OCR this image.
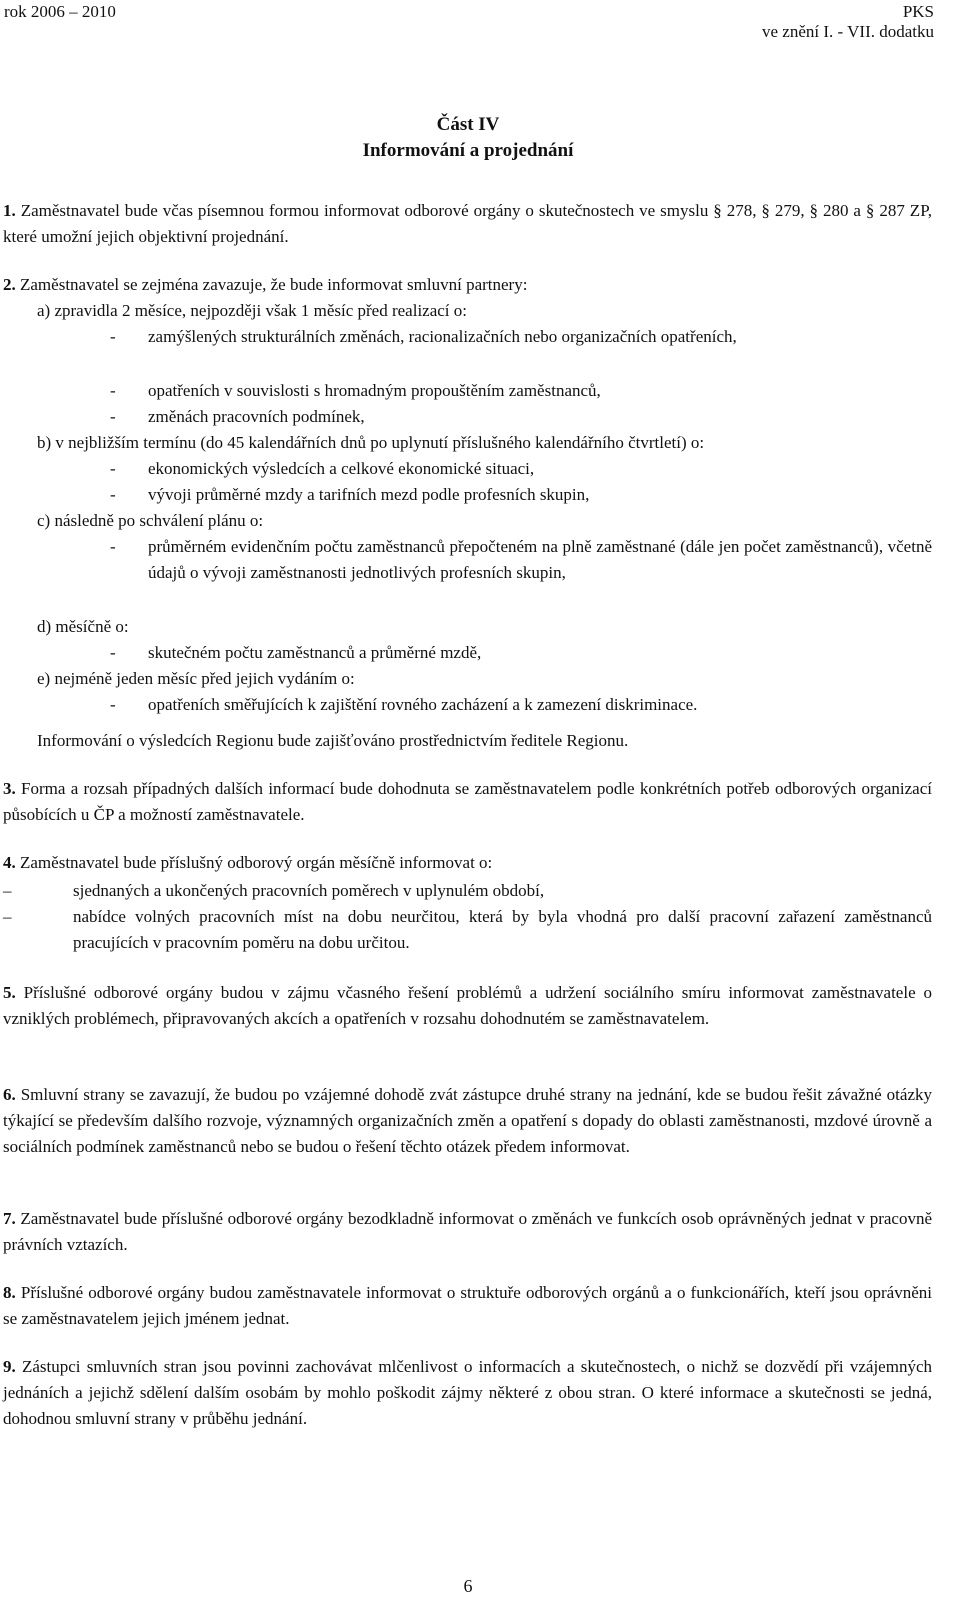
rok 2006 – 2010	PKS
ve znění I. - VII. dodatku
Část IV
Informování a projednání
1. Zaměstnavatel bude včas písemnou formou informovat odborové orgány o skutečnostech ve smyslu § 278, § 279, § 280 a § 287 ZP, které umožní jejich objektivní projednání.
2. Zaměstnavatel se zejména zavazuje, že bude informovat smluvní partnery:
a) zpravidla 2 měsíce, nejpozději však 1 měsíc před realizací o:
-	zamýšlených strukturálních změnách, racionalizačních nebo organizačních opatřeních,
-	opatřeních v souvislosti s hromadným propouštěním zaměstnanců,
-	změnách pracovních podmínek,
b) v nejbližším termínu (do 45 kalendářních dnů po uplynutí příslušného kalendářního čtvrtletí) o:
-	ekonomických výsledcích a celkové ekonomické situaci,
-	vývoji průměrné mzdy a tarifních mezd podle profesních skupin,
c) následně po schválení plánu o:
-	průměrném evidenčním počtu zaměstnanců přepočteném na plně zaměstnané (dále jen počet zaměstnanců), včetně údajů o vývoji zaměstnanosti jednotlivých profesních skupin,
d) měsíčně o:
-	skutečném počtu zaměstnanců a průměrné mzdě,
e) nejméně jeden měsíc před jejich vydáním o:
-	opatřeních směřujících k zajištění rovného zacházení a k zamezení diskriminace.
Informování o výsledcích Regionu bude zajišťováno prostřednictvím ředitele Regionu.
3. Forma a rozsah případných dalších informací bude dohodnuta se zaměstnavatelem podle konkrétních potřeb odborových organizací působících u ČP a možností zaměstnavatele.
4. Zaměstnavatel bude příslušný odborový orgán měsíčně informovat o:
–	sjednaných a ukončených pracovních poměrech v uplynulém období,
–	nabídce volných pracovních míst na dobu neurčitou, která by byla vhodná pro další pracovní zařazení zaměstnanců pracujících v pracovním poměru na dobu určitou.
5. Příslušné odborové orgány budou v zájmu včasného řešení problémů a udržení sociálního smíru informovat zaměstnavatele o vzniklých problémech, připravovaných akcích a opatřeních v rozsahu dohodnutém se zaměstnavatelem.
6. Smluvní strany se zavazují, že budou po vzájemné dohodě zvát zástupce druhé strany na jednání, kde se budou řešit závažné otázky týkající se především dalšího rozvoje, významných organizačních změn a opatření s dopady do oblasti zaměstnanosti, mzdové úrovně a sociálních podmínek zaměstnanců nebo se budou o řešení těchto otázek předem informovat.
7. Zaměstnavatel bude příslušné odborové orgány bezodkladně informovat o změnách ve funkcích osob oprávněných jednat v pracovně právních vztazích.
8. Příslušné odborové orgány budou zaměstnavatele informovat o struktuře odborových orgánů a o funkcionářích, kteří jsou oprávněni se zaměstnavatelem jejich jménem jednat.
9. Zástupci smluvních stran jsou povinni zachovávat mlčenlivost o informacích a skutečnostech, o nichž se dozvědí při vzájemných jednáních a jejichž sdělení dalším osobám by mohlo poškodit zájmy některé z obou stran. O které informace a skutečnosti se jedná, dohodnou smluvní strany v průběhu jednání.
6
